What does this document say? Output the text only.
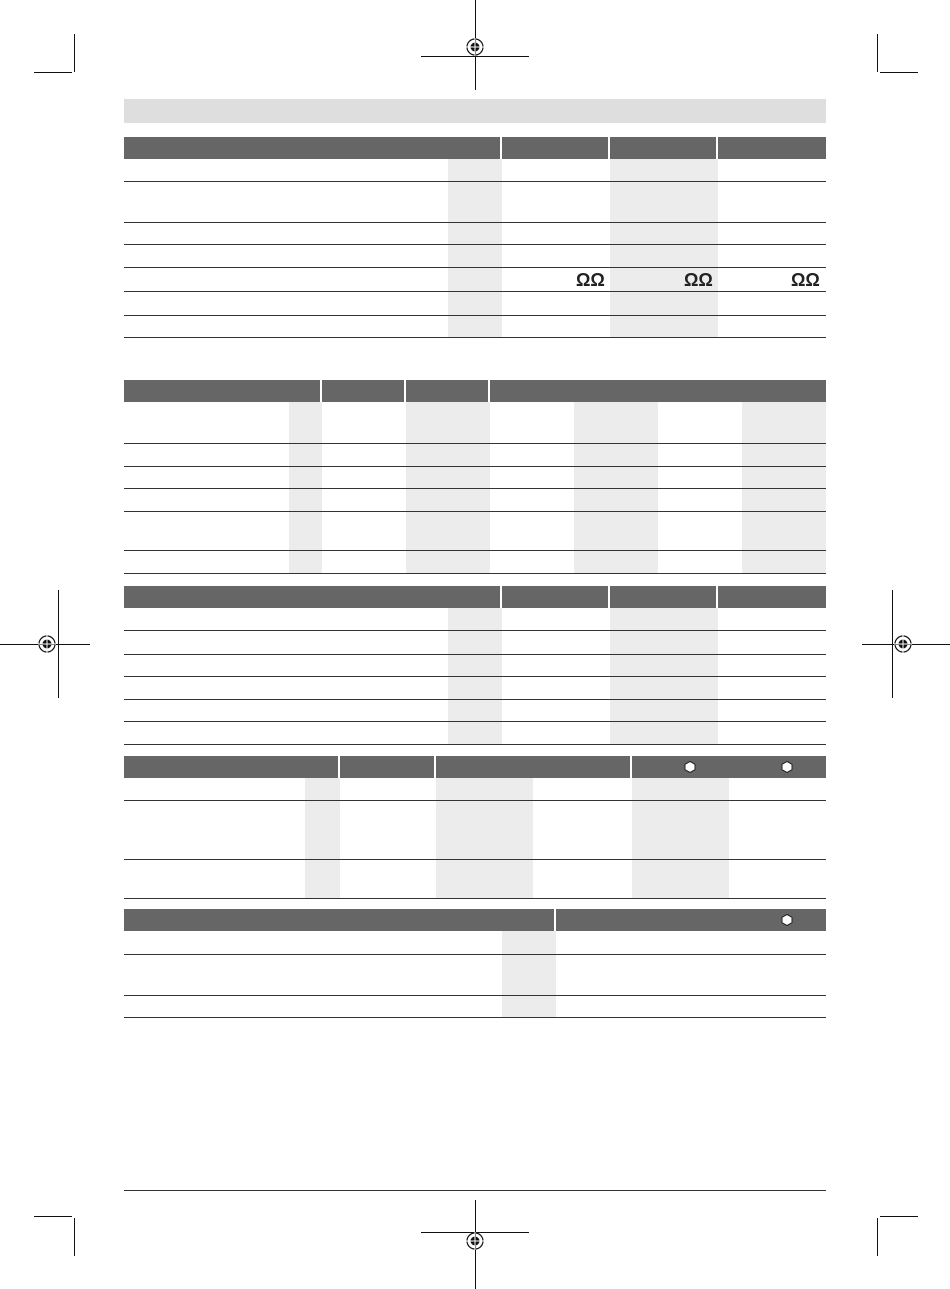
ΩΩ	ΩΩ	ΩΩ
